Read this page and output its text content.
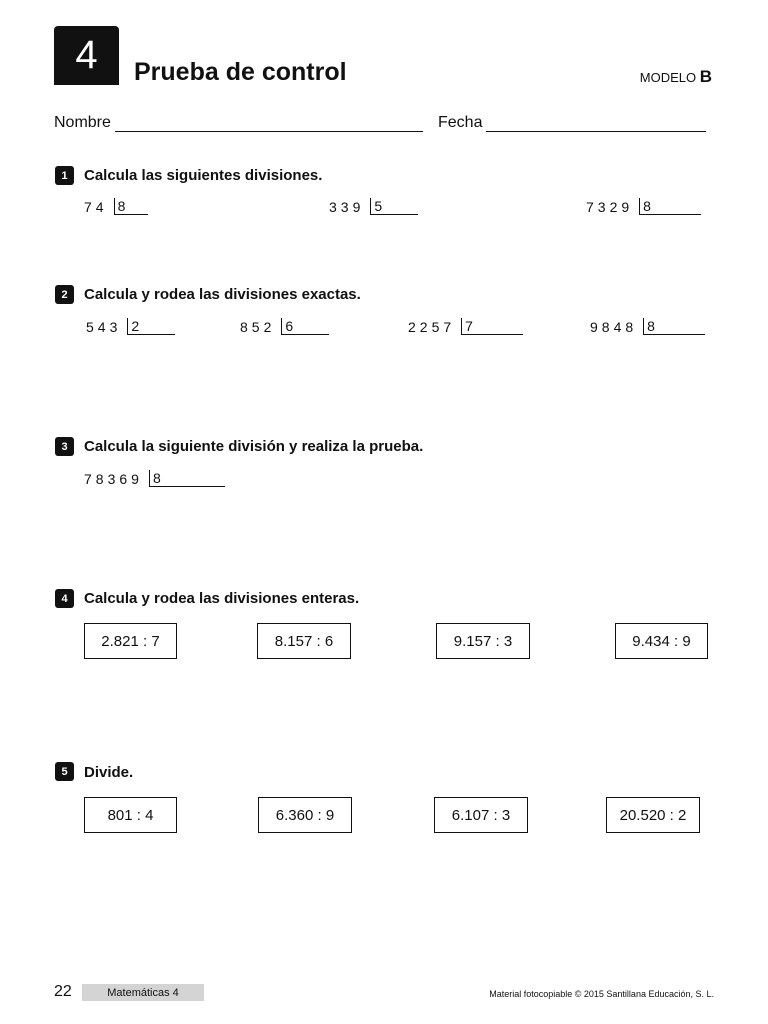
4 Prueba de control	MODELO B
Nombre	Fecha
1	Calcula las siguientes divisiones.
74 8	339 5	7329 8
2	Calcula y rodea las divisiones exactas.
543 2	852 6	2257 7	9848 8
3	Calcula la siguiente división y realiza la prueba.
78369 8
4	Calcula y rodea las divisiones enteras.
2.821 : 7	8.157 : 6	9.157 : 3	9.434 : 9
5	Divide.
801 : 4	6.360 : 9	6.107 : 3	20.520 : 2
22	Matemáticas 4	Material fotocopiable © 2015 Santillana Educación, S. L.
